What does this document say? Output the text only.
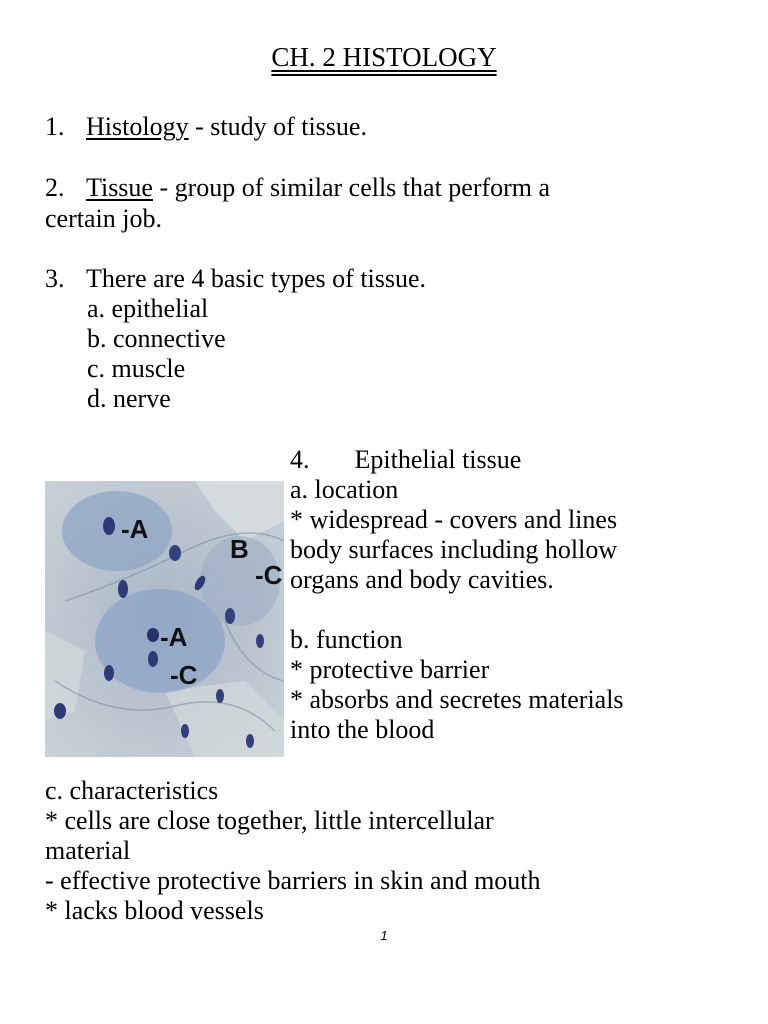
CH. 2 HISTOLOGY
1. Histology - study of tissue.
2. Tissue - group of similar cells that perform a
certain job.
3. There are 4 basic types of tissue.
a. epithelial
b. connective
c. muscle
d. nerve
4. Epithelial tissue
a. location
* widespread - covers and lines
body surfaces including hollow
organs and body cavities.
b. function
* protective barrier
* absorbs and secretes materials
into the blood
c. characteristics
* cells are close together, little intercellular
material
- effective protective barriers in skin and mouth
* lacks blood vessels
-A
B
-C
-A
-C
1
